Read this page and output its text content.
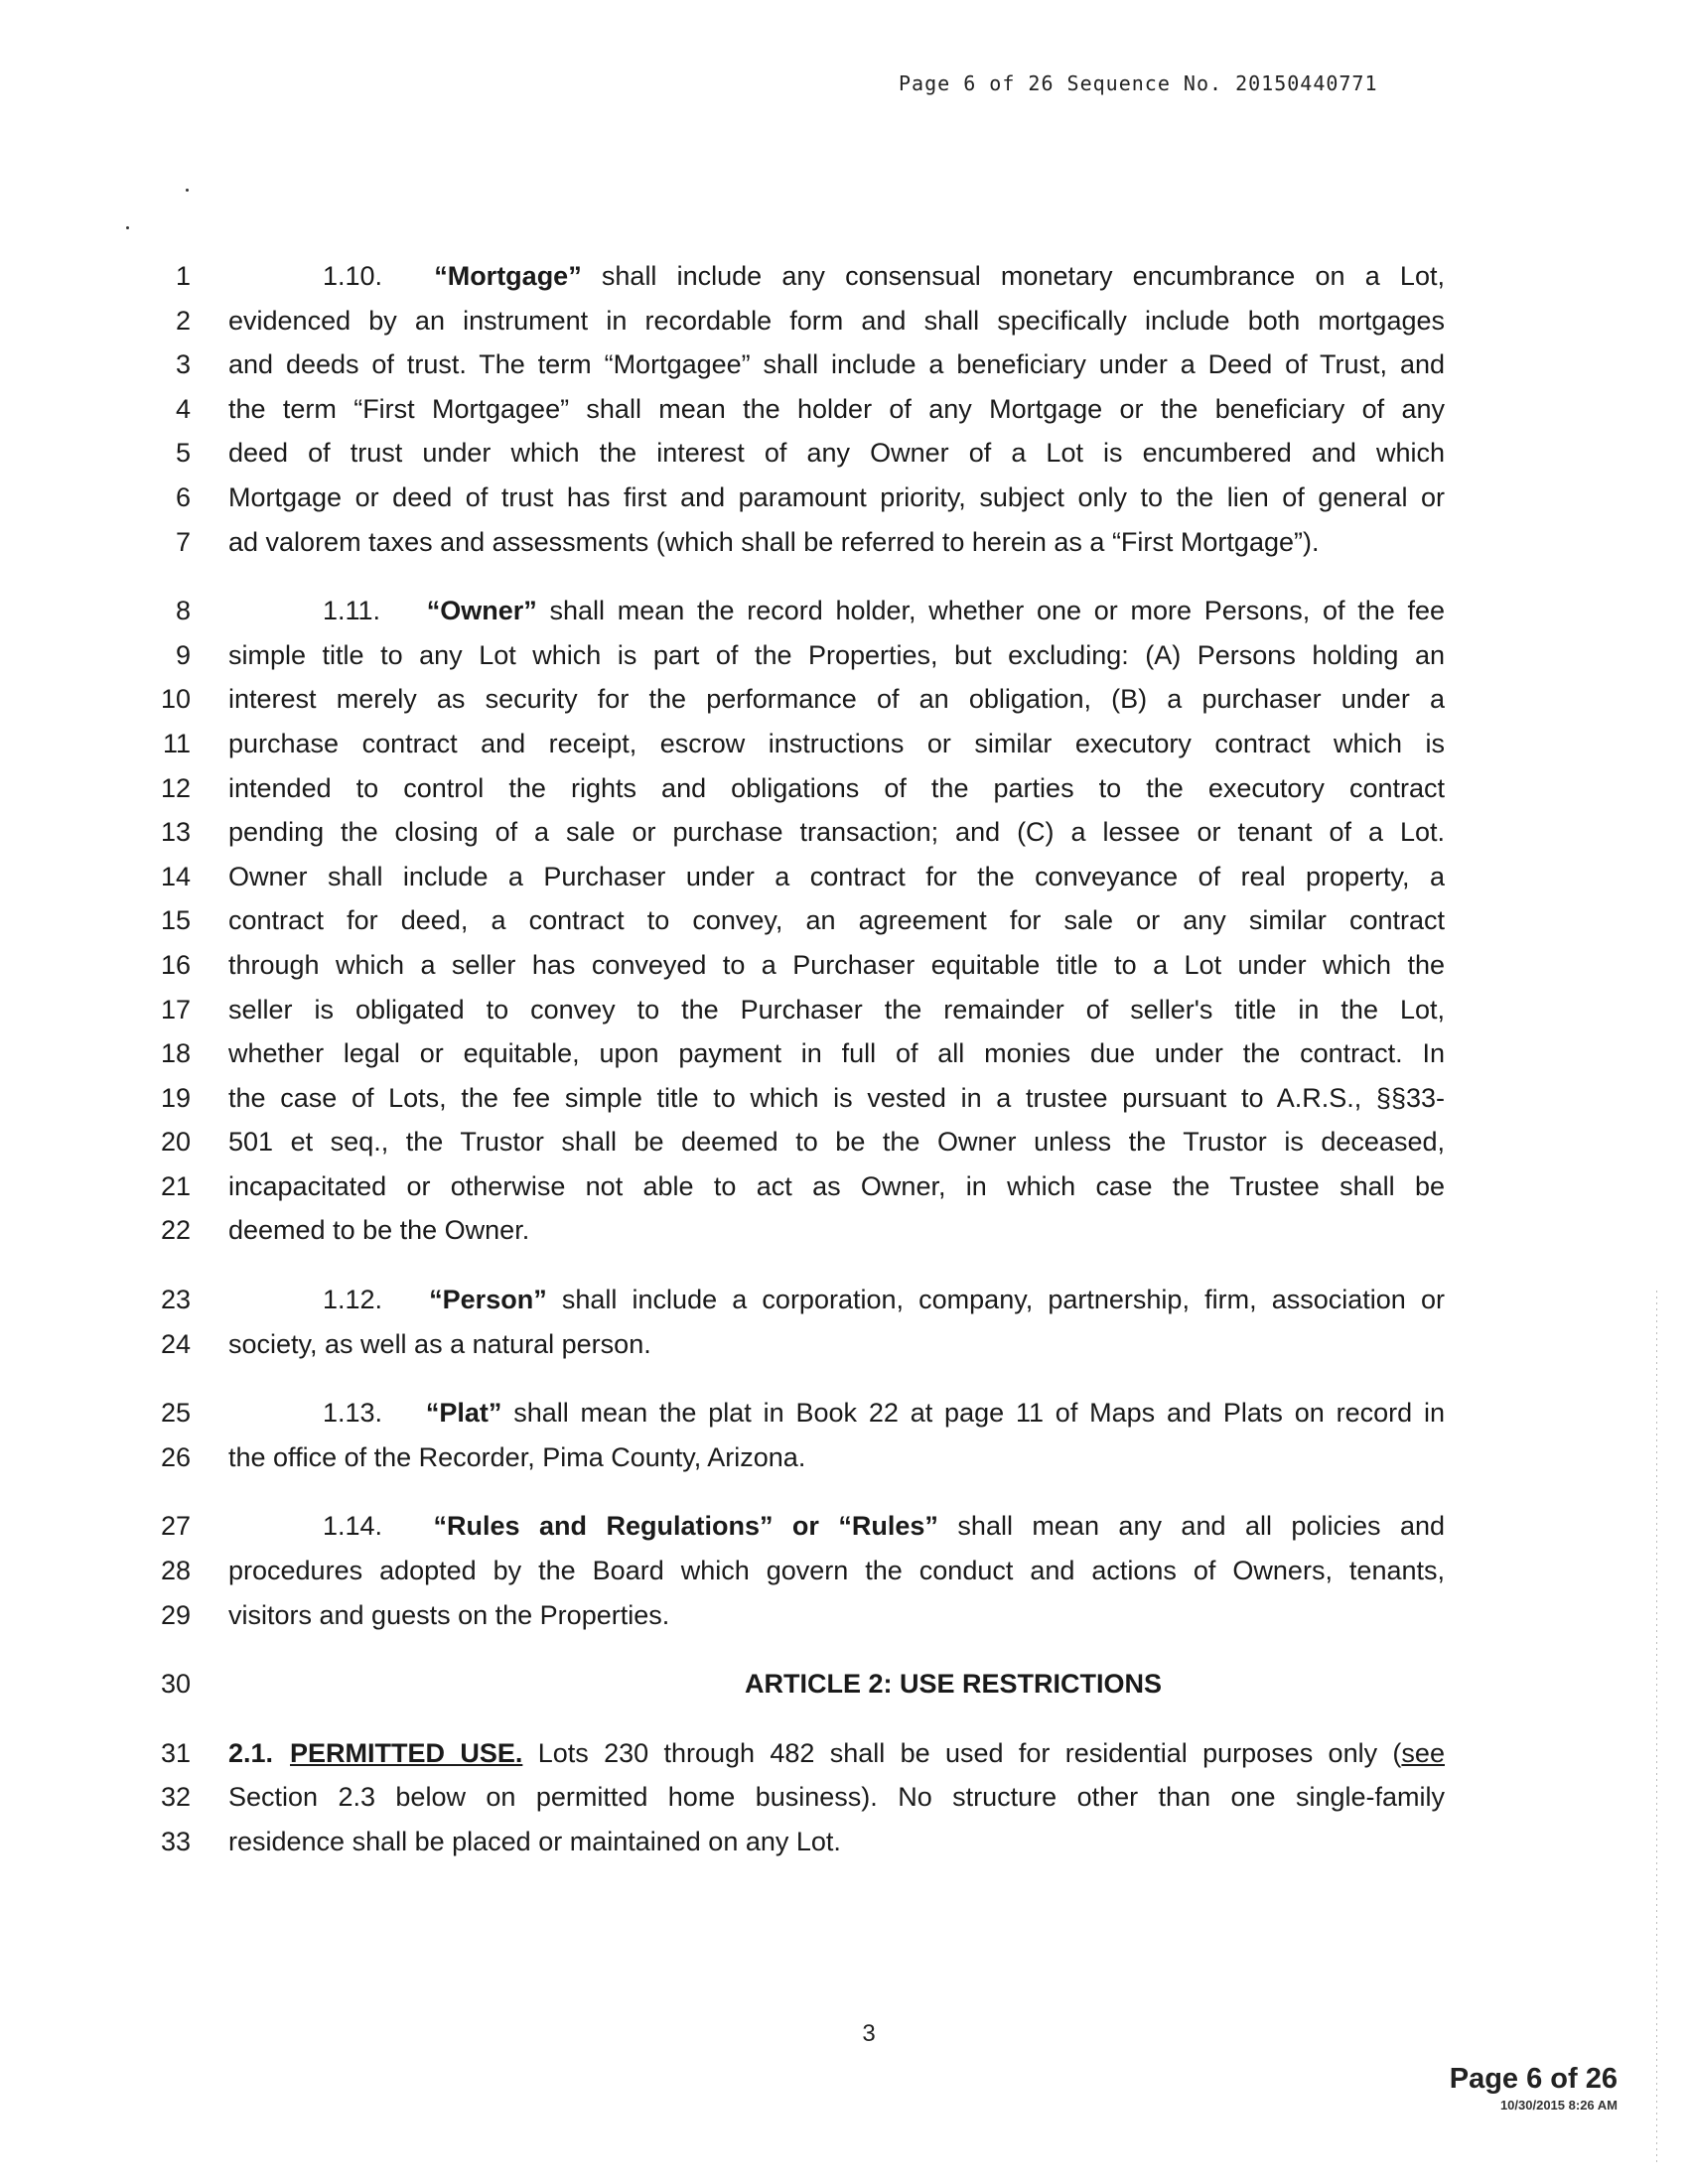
Page 6 of 26 Sequence No. 20150440771
1	1.10. “Mortgage” shall include any consensual monetary encumbrance on a Lot,
2 evidenced by an instrument in recordable form and shall specifically include both mortgages
3 and deeds of trust. The term “Mortgagee” shall include a beneficiary under a Deed of Trust, and
4 the term “First Mortgagee” shall mean the holder of any Mortgage or the beneficiary of any
5 deed of trust under which the interest of any Owner of a Lot is encumbered and which
6 Mortgage or deed of trust has first and paramount priority, subject only to the lien of general or
7 ad valorem taxes and assessments (which shall be referred to herein as a “First Mortgage”).
8	1.11. “Owner” shall mean the record holder, whether one or more Persons, of the fee
9 simple title to any Lot which is part of the Properties, but excluding: (A) Persons holding an
10 interest merely as security for the performance of an obligation, (B) a purchaser under a
11 purchase contract and receipt, escrow instructions or similar executory contract which is
12 intended to control the rights and obligations of the parties to the executory contract
13 pending the closing of a sale or purchase transaction; and (C) a lessee or tenant of a Lot.
14 Owner shall include a Purchaser under a contract for the conveyance of real property, a
15 contract for deed, a contract to convey, an agreement for sale or any similar contract
16 through which a seller has conveyed to a Purchaser equitable title to a Lot under which the
17 seller is obligated to convey to the Purchaser the remainder of seller's title in the Lot,
18 whether legal or equitable, upon payment in full of all monies due under the contract. In
19 the case of Lots, the fee simple title to which is vested in a trustee pursuant to A.R.S., §§33-
20 501 et seq., the Trustor shall be deemed to be the Owner unless the Trustor is deceased,
21 incapacitated or otherwise not able to act as Owner, in which case the Trustee shall be
22 deemed to be the Owner.
23	1.12. “Person” shall include a corporation, company, partnership, firm, association or
24 society, as well as a natural person.
25	1.13. “Plat” shall mean the plat in Book 22 at page 11 of Maps and Plats on record in
26 the office of the Recorder, Pima County, Arizona.
27	1.14. “Rules and Regulations” or “Rules” shall mean any and all policies and
28 procedures adopted by the Board which govern the conduct and actions of Owners, tenants,
29 visitors and guests on the Properties.
30	ARTICLE 2: USE RESTRICTIONS
31 2.1. PERMITTED USE. Lots 230 through 482 shall be used for residential purposes only (see
32 Section 2.3 below on permitted home business). No structure other than one single-family
33 residence shall be placed or maintained on any Lot.
3
Page 6 of 26
10/30/2015 8:26 AM
